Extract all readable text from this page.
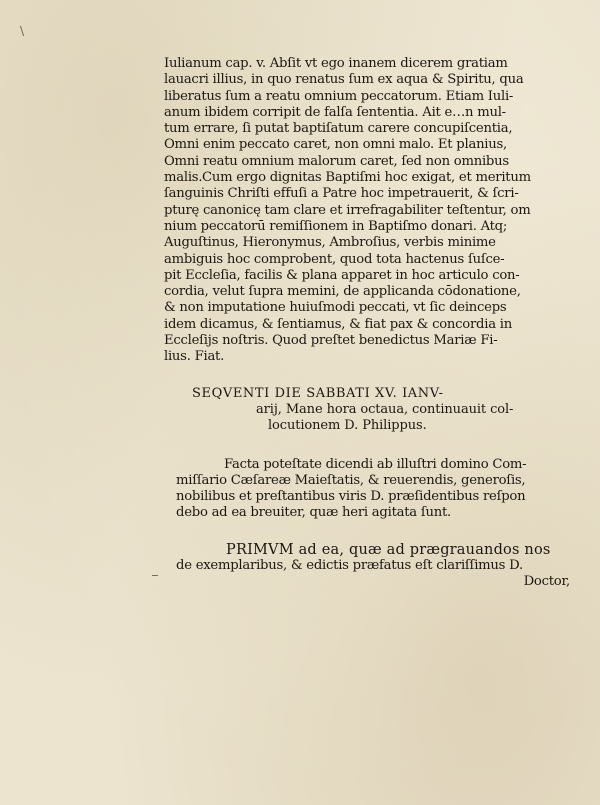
\

Iulianum cap. v. Abſit vt ego inanem dicerem gratiam
lauacri illius, in quo renatus ſum ex aqua & Spiritu, qua
liberatus ſum a reatu omnium peccatorum. Etiam Iuli-
anum ibidem corripit de falſa ſententia. Ait e…n mul-
tum errare, ſi putat baptiſatum carere concupiſcentia,
Omni enim peccato caret, non omni malo. Et planius,
Omni reatu omnium malorum caret, ſed non omnibus
malis. Cum ergo dignitas Baptiſmi hoc exigat, et meritum
ſanguinis Chriſti effuſi a Patre hoc impetrauerit, & ſcri-
pturę canonicę tam clare et irrefragabiliter teſtentur, om
nium peccatorū remiſſionem in Baptiſmo donari. Atq;
Auguſtinus, Hieronymus, Ambroſius, verbis minime
ambiguis hoc comprobent, quod tota hactenus ſuſce-
pit Eccleſia, facilis & plana apparet in hoc articulo con-
cordia, velut ſupra memini, de applicanda cōdonatione,
& non imputatione huiuſmodi peccati, vt ſic deinceps
idem dicamus, & ſentiamus, & fiat pax & concordia in
Eccleſijs noſtris. Quod preſtet benedictus Mariæ Fi-
lius. Fiat.

SEQVENTI DIE SABBATI XV. IANV-
arij, Mane hora octaua, continuauit col-
locutionem D. Philippus.

Facta poteſtate dicendi ab illuſtri domino Com-
miſſario Cæſareæ Maieſtatis, & reuerendis, generoſis,
nobilibus et preſtantibus viris D. præſidentibus reſpon
debo ad ea breuiter, quæ heri agitata ſunt.

PRIMVM ad ea, quæ ad prægrauandos nos
de exemplaribus, & edictis præfatus eſt clariſſimus D.
Doctor,
